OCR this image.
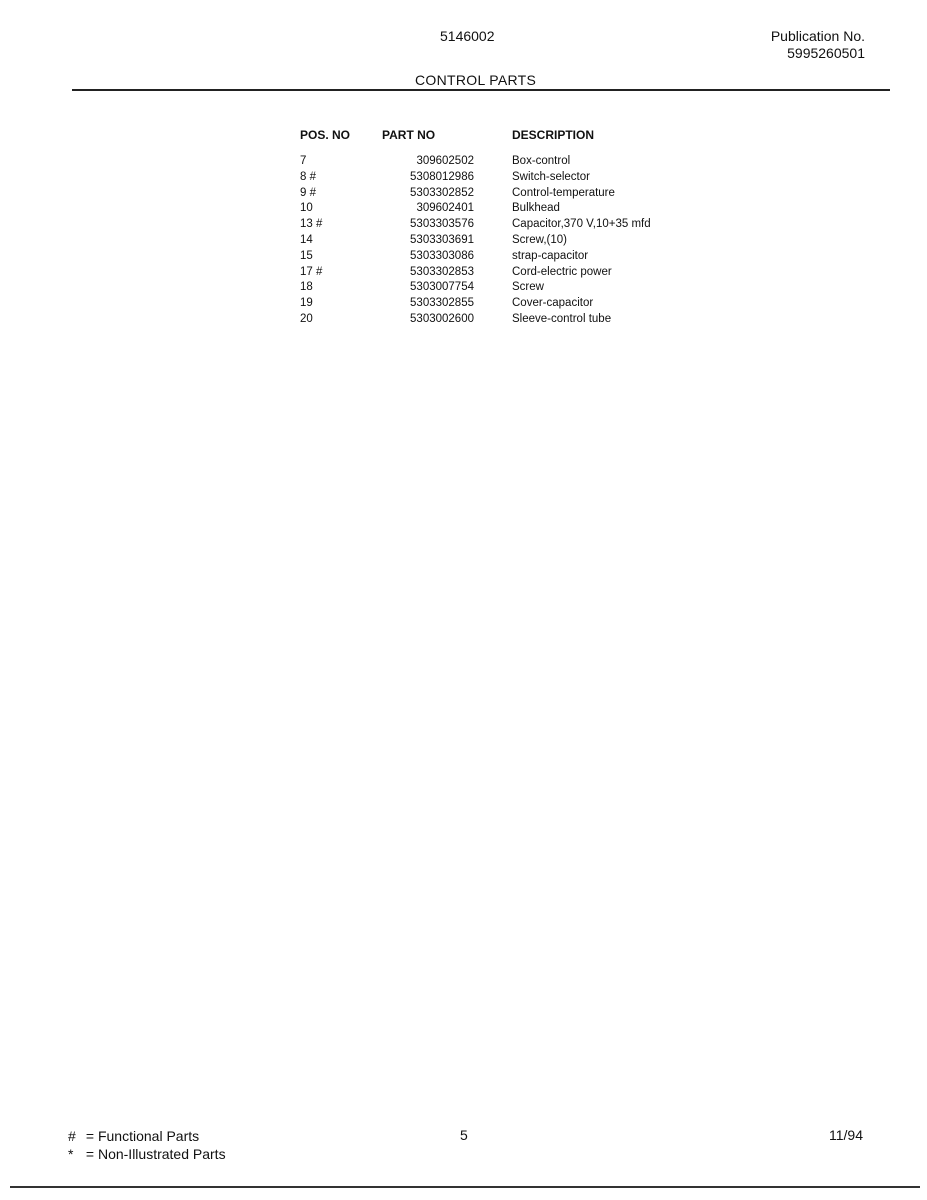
5146002	Publication No.
5995260501
CONTROL PARTS
POS. NO	PART NO		DESCRIPTION
7	309602502		Box-control
8 #	5308012986		Switch-selector
9 #	5303302852		Control-temperature
10	309602401		Bulkhead
13 #	5303303576		Capacitor,370 V,10+35 mfd
14	5303303691		Screw,(10)
15	5303303086		strap-capacitor
17 #	5303302853		Cord-electric power
18	5303007754		Screw
19	5303302855		Cover-capacitor
20	5303002600		Sleeve-control tube
# = Functional Parts
* = Non-Illustrated Parts
5	11/94
